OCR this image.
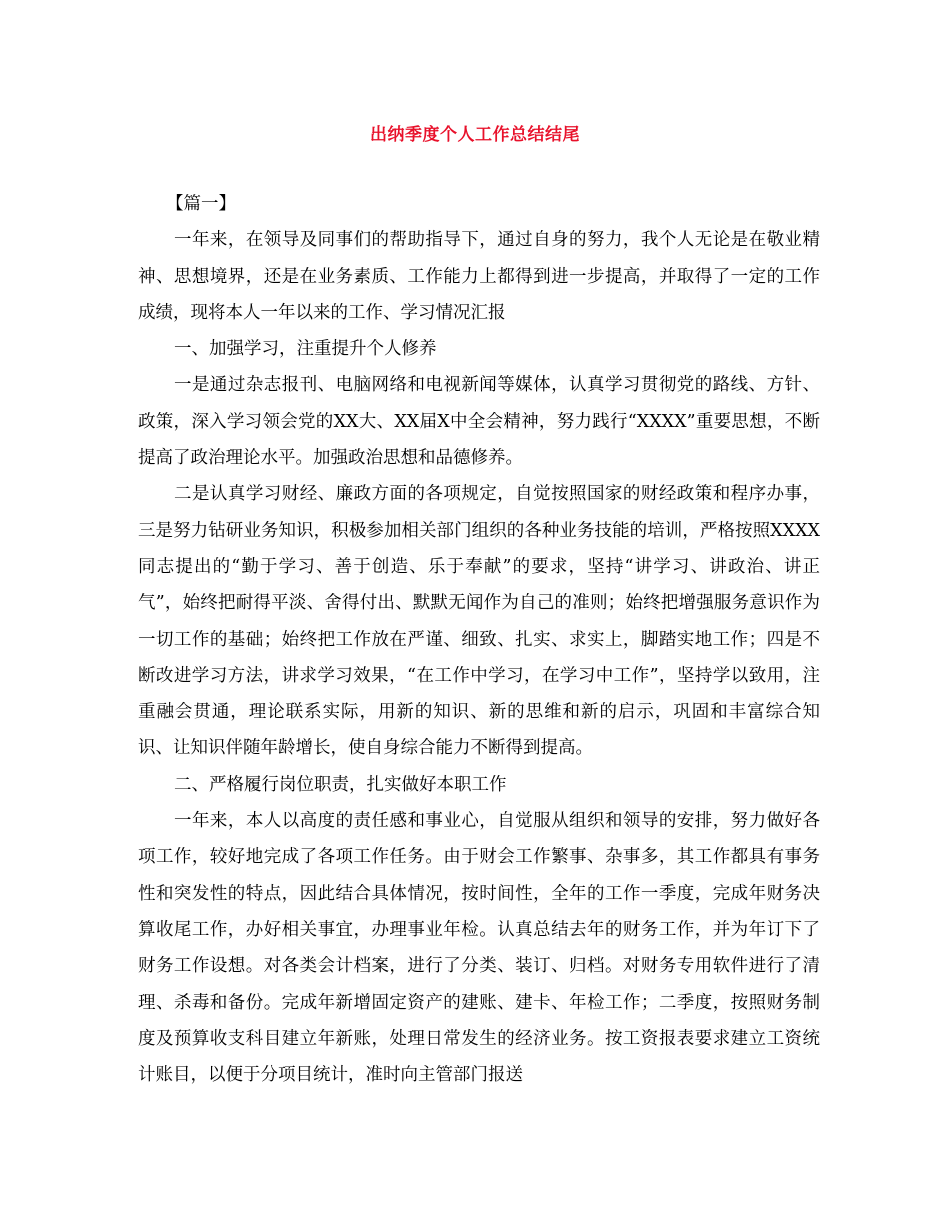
出纳季度个人工作总结结尾

【篇一】

一年来，在领导及同事们的帮助指导下，通过自身的努力，我个人无论是在敬业精神、思想境界，还是在业务素质、工作能力上都得到进一步提高，并取得了一定的工作成绩，现将本人一年以来的工作、学习情况汇报

一、加强学习，注重提升个人修养

一是通过杂志报刊、电脑网络和电视新闻等媒体，认真学习贯彻党的路线、方针、政策，深入学习领会党的XX大、XX届X中全会精神，努力践行“XXXX”重要思想，不断提高了政治理论水平。加强政治思想和品德修养。

二是认真学习财经、廉政方面的各项规定，自觉按照国家的财经政策和程序办事，三是努力钻研业务知识，积极参加相关部门组织的各种业务技能的培训，严格按照XXXX同志提出的“勤于学习、善于创造、乐于奉献”的要求，坚持“讲学习、讲政治、讲正气”，始终把耐得平淡、舍得付出、默默无闻作为自己的准则；始终把增强服务意识作为一切工作的基础；始终把工作放在严谨、细致、扎实、求实上，脚踏实地工作；四是不断改进学习方法，讲求学习效果，“在工作中学习，在学习中工作”，坚持学以致用，注重融会贯通，理论联系实际，用新的知识、新的思维和新的启示，巩固和丰富综合知识、让知识伴随年龄增长，使自身综合能力不断得到提高。

二、严格履行岗位职责，扎实做好本职工作

一年来，本人以高度的责任感和事业心，自觉服从组织和领导的安排，努力做好各项工作，较好地完成了各项工作任务。由于财会工作繁事、杂事多，其工作都具有事务性和突发性的特点，因此结合具体情况，按时间性，全年的工作一季度，完成年财务决算收尾工作，办好相关事宜，办理事业年检。认真总结去年的财务工作，并为年订下了财务工作设想。对各类会计档案，进行了分类、装订、归档。对财务专用软件进行了清理、杀毒和备份。完成年新增固定资产的建账、建卡、年检工作；二季度，按照财务制度及预算收支科目建立年新账，处理日常发生的经济业务。按工资报表要求建立工资统计账目，以便于分项目统计，准时向主管部门报送
